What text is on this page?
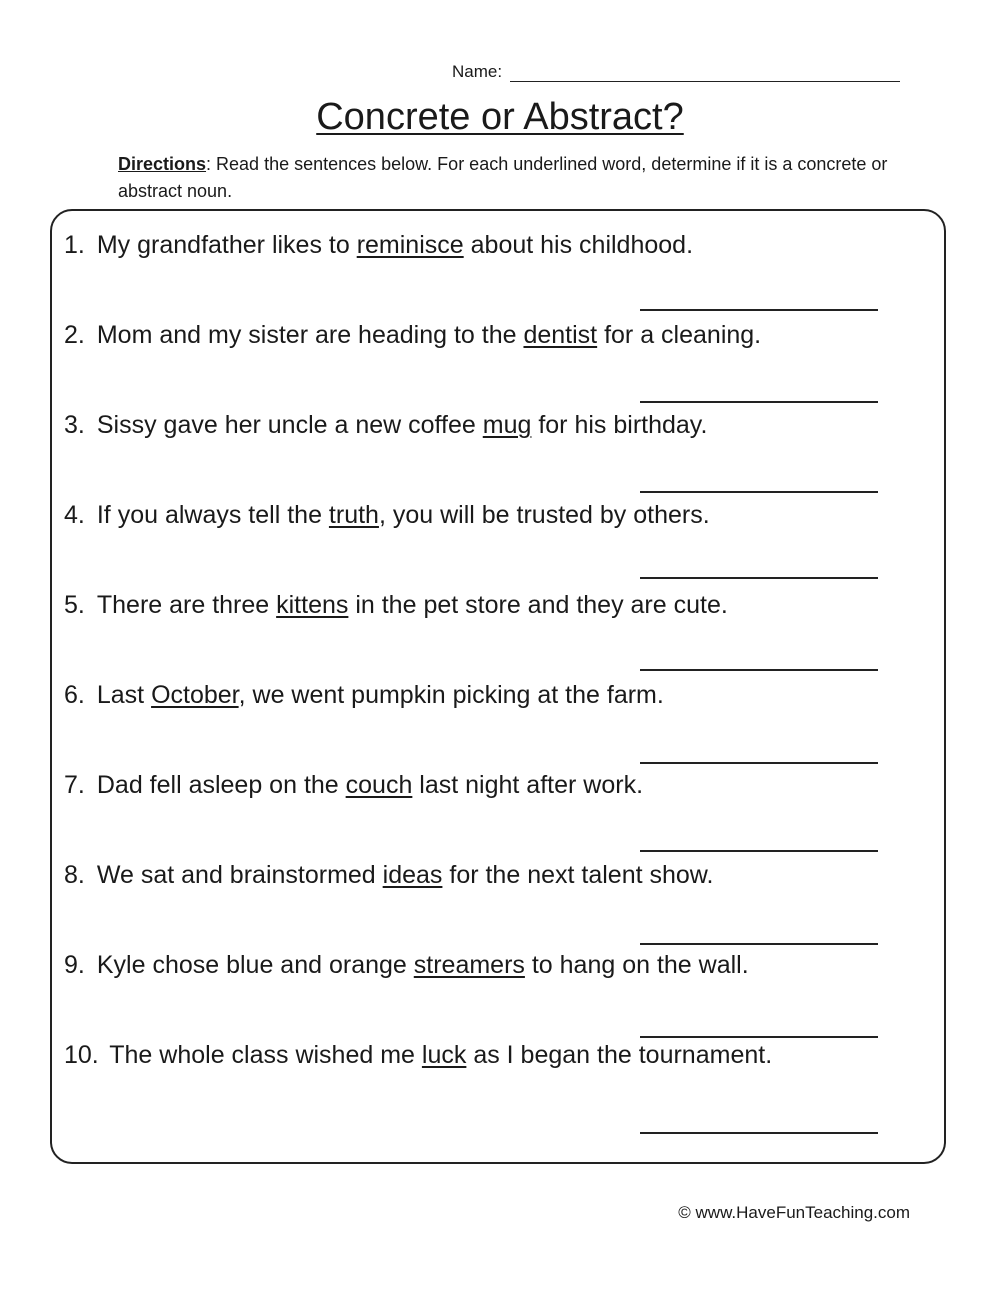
Name:
Concrete or Abstract?
Directions: Read the sentences below. For each underlined word, determine if it is a concrete or abstract noun.
1. My grandfather likes to reminisce about his childhood.
2. Mom and my sister are heading to the dentist for a cleaning.
3. Sissy gave her uncle a new coffee mug for his birthday.
4. If you always tell the truth, you will be trusted by others.
5. There are three kittens in the pet store and they are cute.
6. Last October, we went pumpkin picking at the farm.
7. Dad fell asleep on the couch last night after work.
8. We sat and brainstormed ideas for the next talent show.
9. Kyle chose blue and orange streamers to hang on the wall.
10. The whole class wished me luck as I began the tournament.
© www.HaveFunTeaching.com
